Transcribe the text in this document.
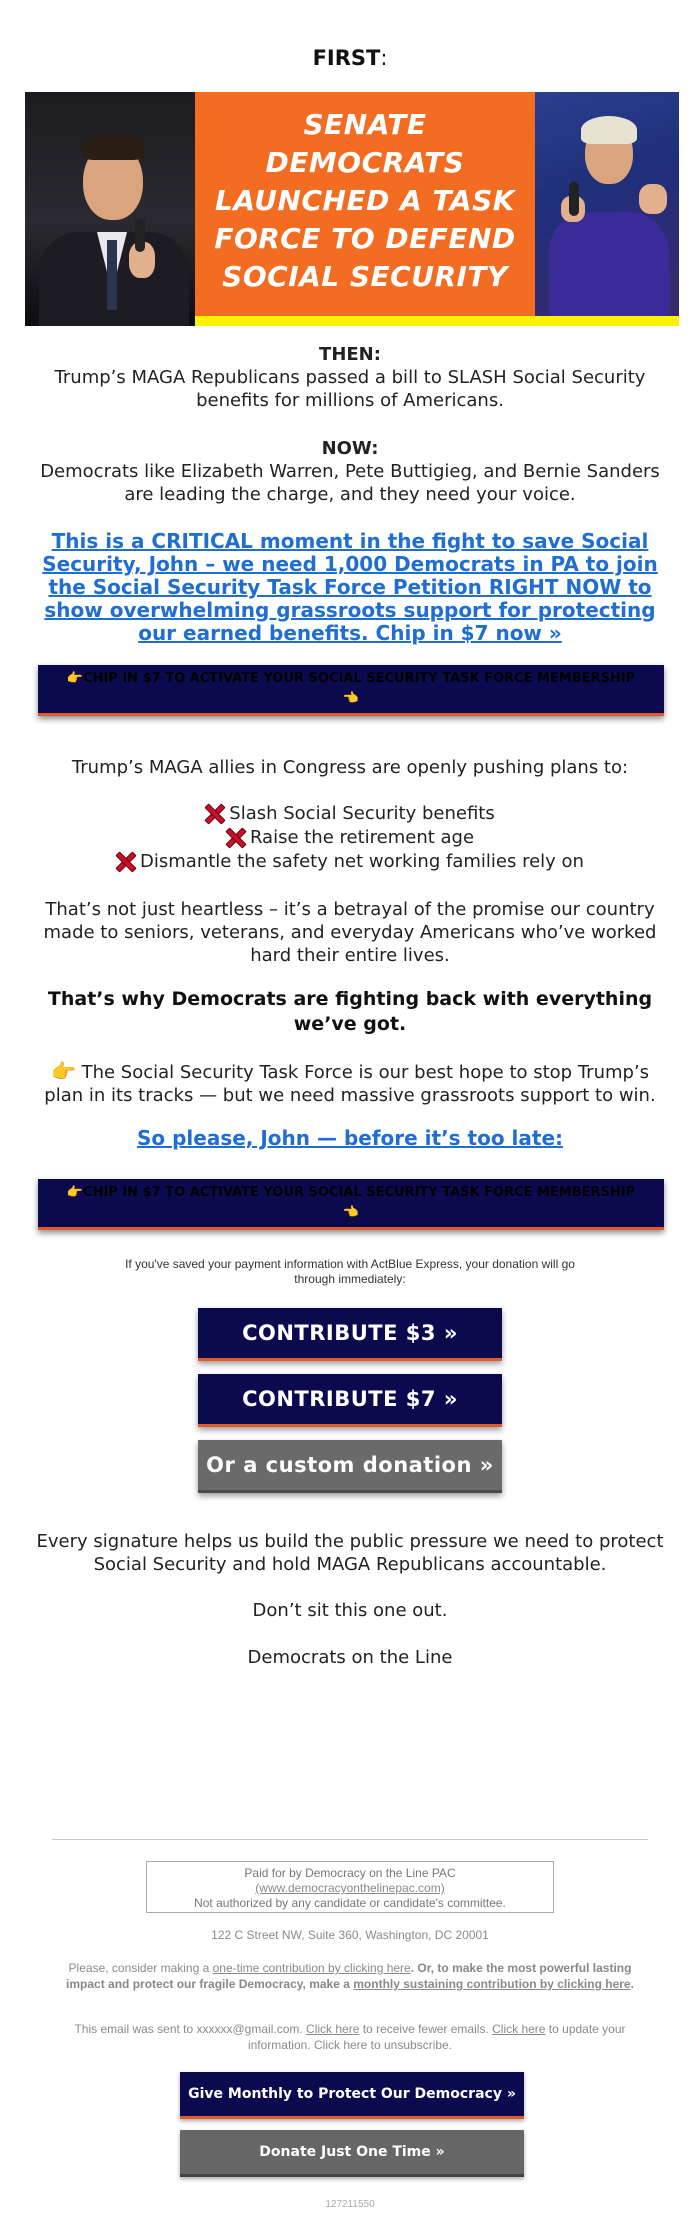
FIRST:
SENATE
DEMOCRATS
LAUNCHED A TASK
FORCE TO DEFEND
SOCIAL SECURITY
THEN:
Trump’s MAGA Republicans passed a bill to SLASH Social Security benefits for millions of Americans.
NOW:
Democrats like Elizabeth Warren, Pete Buttigieg, and Bernie Sanders are leading the charge, and they need your voice.
This is a CRITICAL moment in the fight to save Social Security, John – we need 1,000 Democrats in PA to join the Social Security Task Force Petition RIGHT NOW to show overwhelming grassroots support for protecting our earned benefits. Chip in $7 now »
👉CHIP IN $7 TO ACTIVATE YOUR SOCIAL SECURITY TASK FORCE MEMBERSHIP
👈
Trump’s MAGA allies in Congress are openly pushing plans to:
Slash Social Security benefits
Raise the retirement age
Dismantle the safety net working families rely on
That’s not just heartless – it’s a betrayal of the promise our country made to seniors, veterans, and everyday Americans who’ve worked hard their entire lives.
That’s why Democrats are fighting back with everything we’ve got.
👉 The Social Security Task Force is our best hope to stop Trump’s plan in its tracks — but we need massive grassroots support to win.
So please, John — before it’s too late:
👉CHIP IN $7 TO ACTIVATE YOUR SOCIAL SECURITY TASK FORCE MEMBERSHIP
👈
If you've saved your payment information with ActBlue Express, your donation will go through immediately:
CONTRIBUTE $3 »
CONTRIBUTE $7 »
Or a custom donation »
Every signature helps us build the public pressure we need to protect Social Security and hold MAGA Republicans accountable.
Don’t sit this one out.
Democrats on the Line
Paid for by Democracy on the Line PAC
(www.democracyonthelinepac.com)
Not authorized by any candidate or candidate's committee.
122 C Street NW, Suite 360, Washington, DC 20001
Please, consider making a one-time contribution by clicking here. Or, to make the most powerful lasting impact and protect our fragile Democracy, make a monthly sustaining contribution by clicking here.
This email was sent to xxxxxx@gmail.com. Click here to receive fewer emails. Click here to update your information. Click here to unsubscribe.
Give Monthly to Protect Our Democracy »
Donate Just One Time »
127211550
